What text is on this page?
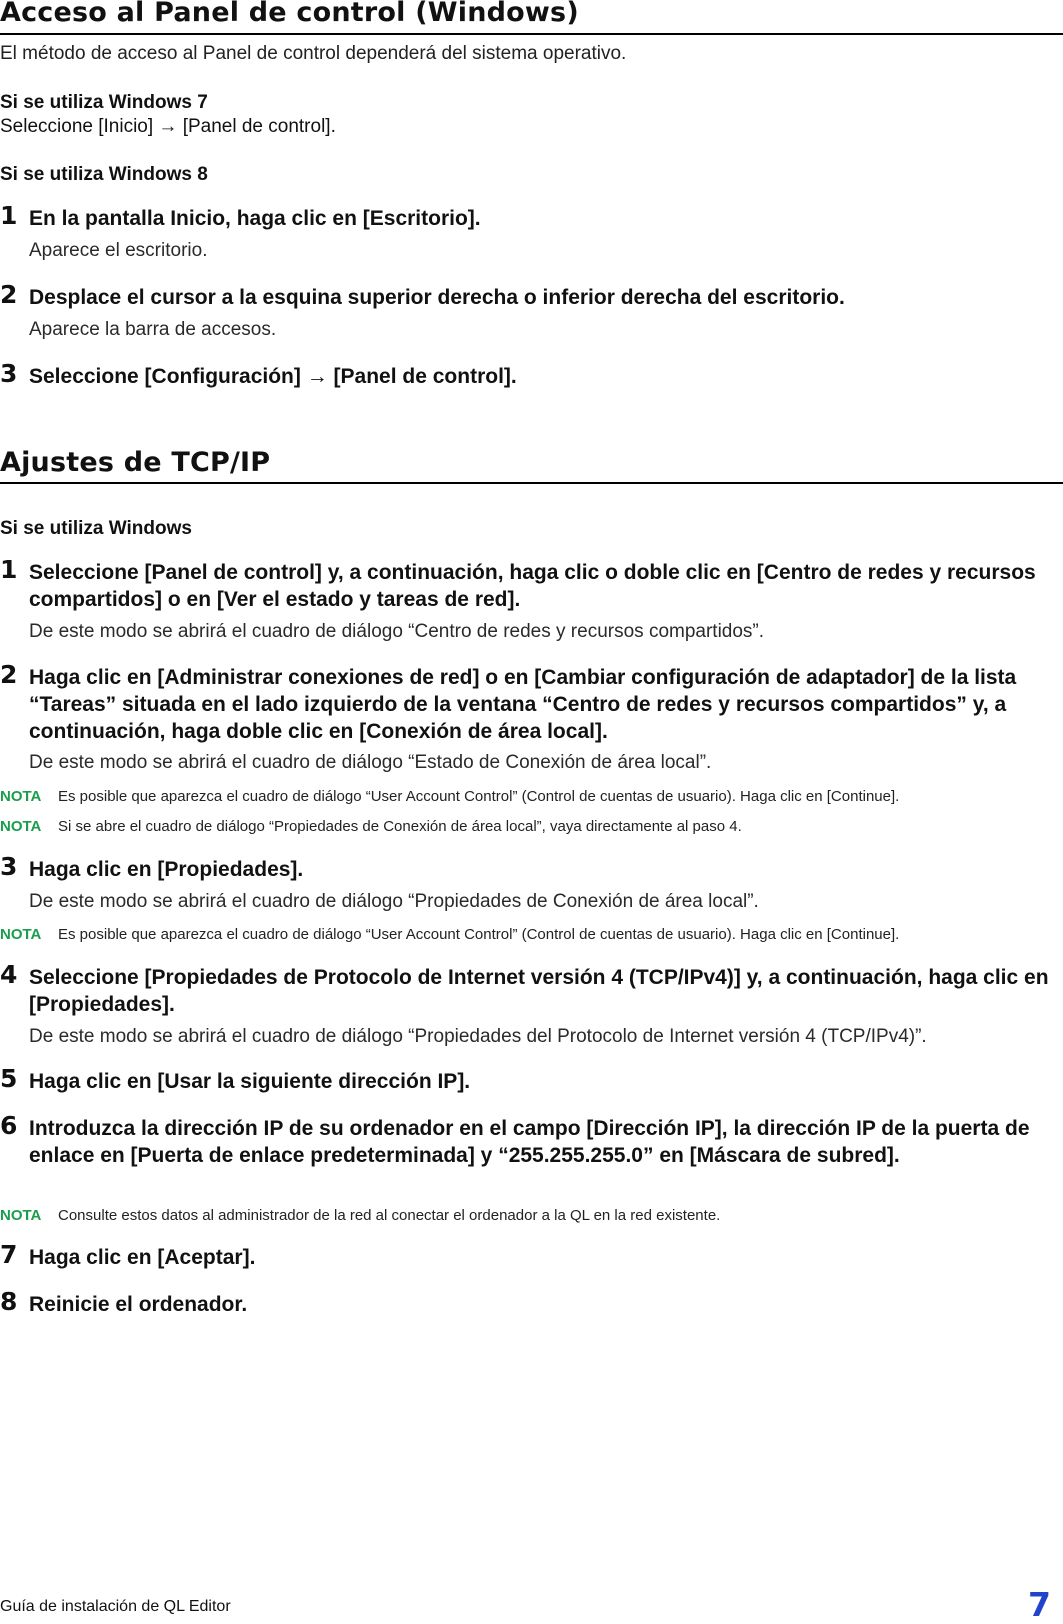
Acceso al Panel de control (Windows)
El método de acceso al Panel de control dependerá del sistema operativo.
Si se utiliza Windows 7
Seleccione [Inicio] → [Panel de control].
Si se utiliza Windows 8
1 En la pantalla Inicio, haga clic en [Escritorio].
Aparece el escritorio.
2 Desplace el cursor a la esquina superior derecha o inferior derecha del escritorio.
Aparece la barra de accesos.
3 Seleccione [Configuración] → [Panel de control].
Ajustes de TCP/IP
Si se utiliza Windows
1 Seleccione [Panel de control] y, a continuación, haga clic o doble clic en [Centro de redes y recursos compartidos] o en [Ver el estado y tareas de red].
De este modo se abrirá el cuadro de diálogo “Centro de redes y recursos compartidos”.
2 Haga clic en [Administrar conexiones de red] o en [Cambiar configuración de adaptador] de la lista “Tareas” situada en el lado izquierdo de la ventana “Centro de redes y recursos compartidos” y, a continuación, haga doble clic en [Conexión de área local].
De este modo se abrirá el cuadro de diálogo “Estado de Conexión de área local”.
NOTA Es posible que aparezca el cuadro de diálogo “User Account Control” (Control de cuentas de usuario). Haga clic en [Continue].
NOTA Si se abre el cuadro de diálogo “Propiedades de Conexión de área local”, vaya directamente al paso 4.
3 Haga clic en [Propiedades].
De este modo se abrirá el cuadro de diálogo “Propiedades de Conexión de área local”.
NOTA Es posible que aparezca el cuadro de diálogo “User Account Control” (Control de cuentas de usuario). Haga clic en [Continue].
4 Seleccione [Propiedades de Protocolo de Internet versión 4 (TCP/IPv4)] y, a continuación, haga clic en [Propiedades].
De este modo se abrirá el cuadro de diálogo “Propiedades del Protocolo de Internet versión 4 (TCP/IPv4)”.
5 Haga clic en [Usar la siguiente dirección IP].
6 Introduzca la dirección IP de su ordenador en el campo [Dirección IP], la dirección IP de la puerta de enlace en [Puerta de enlace predeterminada] y “255.255.255.0” en [Máscara de subred].
NOTA Consulte estos datos al administrador de la red al conectar el ordenador a la QL en la red existente.
7 Haga clic en [Aceptar].
8 Reinicie el ordenador.
Guía de instalación de QL Editor	7
